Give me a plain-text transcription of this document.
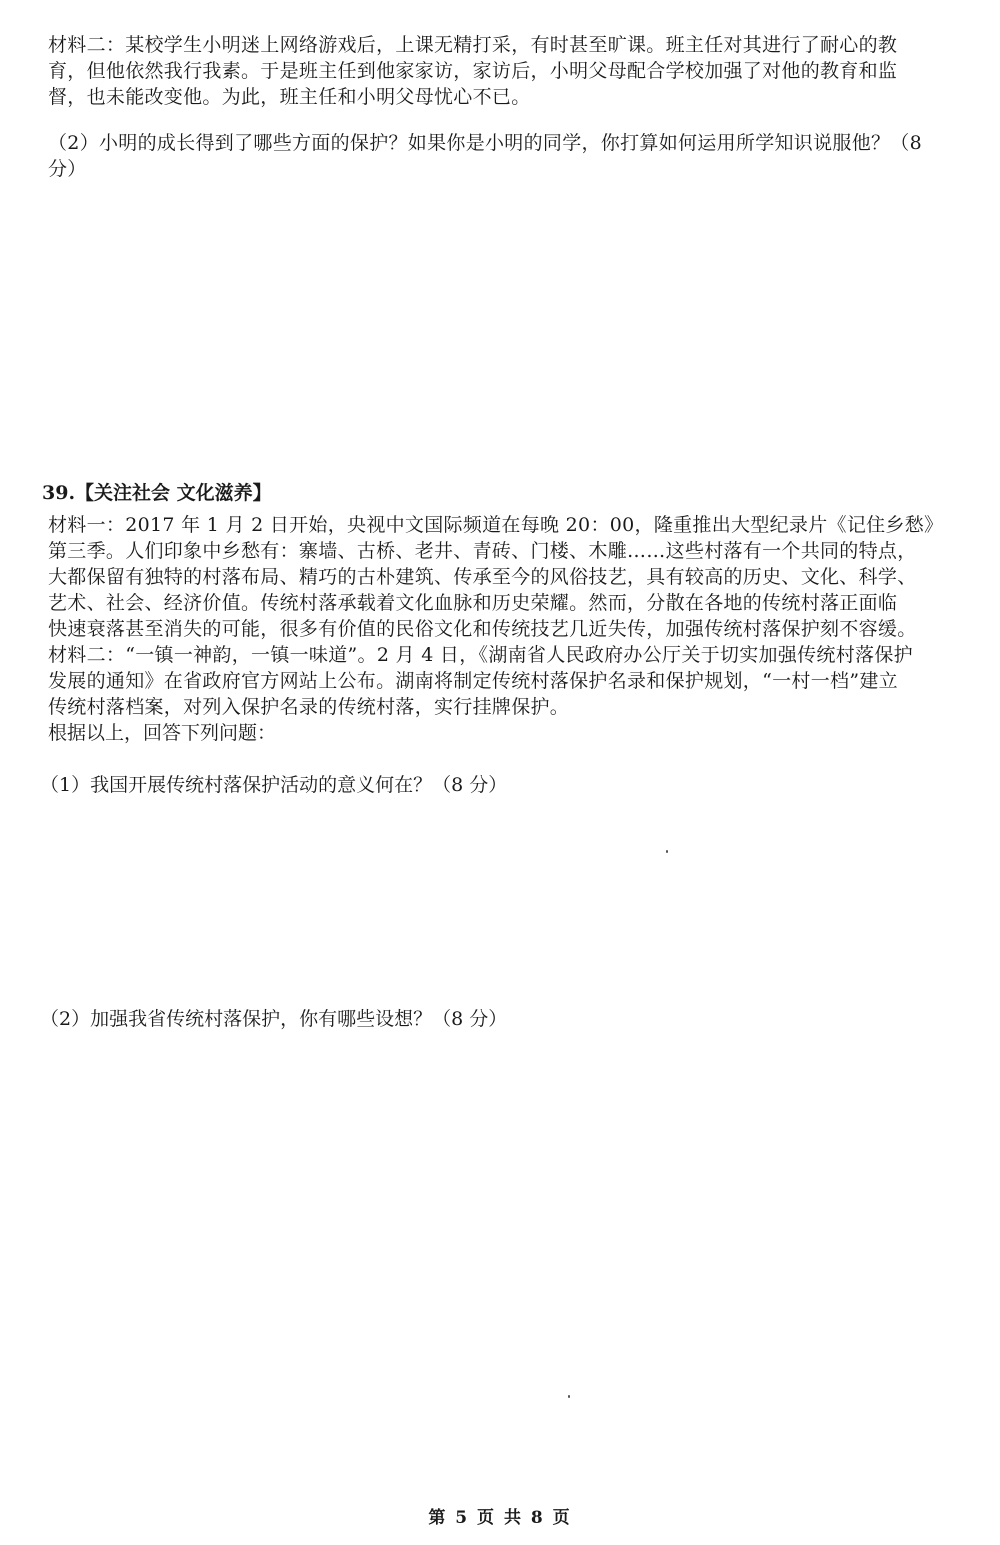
材料二：某校学生小明迷上网络游戏后，上课无精打采，有时甚至旷课。班主任对其进行了耐心的教
育，但他依然我行我素。于是班主任到他家家访，家访后，小明父母配合学校加强了对他的教育和监
督，也未能改变他。为此，班主任和小明父母忧心不已。
（2）小明的成长得到了哪些方面的保护？如果你是小明的同学，你打算如何运用所学知识说服他？（8
分）
39.【关注社会 文化滋养】
材料一：2017 年 1 月 2 日开始，央视中文国际频道在每晚 20：00，隆重推出大型纪录片《记住乡愁》
第三季。人们印象中乡愁有：寨墙、古桥、老井、青砖、门楼、木雕……这些村落有一个共同的特点，
大都保留有独特的村落布局、精巧的古朴建筑、传承至今的风俗技艺，具有较高的历史、文化、科学、
艺术、社会、经济价值。传统村落承载着文化血脉和历史荣耀。然而，分散在各地的传统村落正面临
快速衰落甚至消失的可能，很多有价值的民俗文化和传统技艺几近失传，加强传统村落保护刻不容缓。
材料二：“一镇一神韵，一镇一味道”。2 月 4 日，《湖南省人民政府办公厅关于切实加强传统村落保护
发展的通知》在省政府官方网站上公布。湖南将制定传统村落保护名录和保护规划，“一村一档”建立
传统村落档案，对列入保护名录的传统村落，实行挂牌保护。
根据以上，回答下列问题：
（1）我国开展传统村落保护活动的意义何在？（8 分）
（2）加强我省传统村落保护，你有哪些设想？（8 分）
第 5 页 共 8 页
